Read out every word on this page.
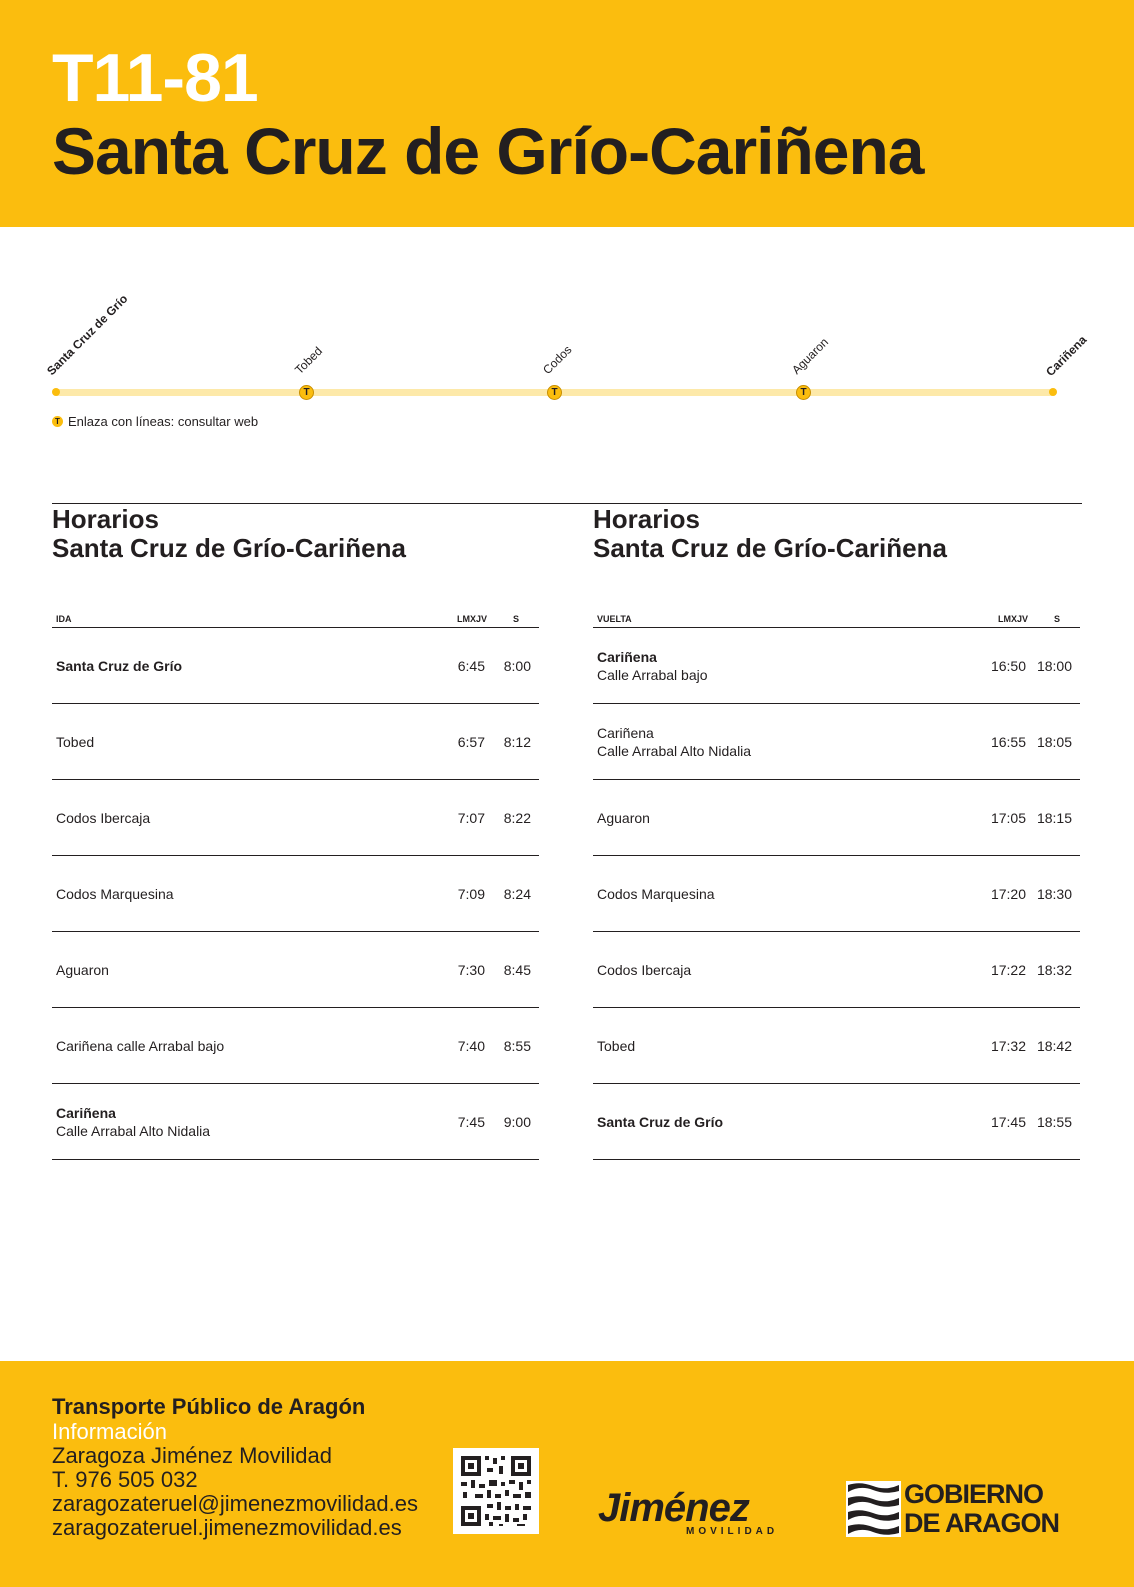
T11-81
Santa Cruz de Grío-Cariñena
Santa Cruz de Grío
T
Tobed
T
Codos
T
Aguaron	Cariñena
T Enlaza con líneas: consultar web
Horarios
Santa Cruz de Grío-Cariñena
IDA	LMXJV	S
Santa Cruz de Grío	6:45 8:00
Tobed	6:57 8:12
Codos Ibercaja	7:07 8:22
Codos Marquesina	7:09 8:24
Aguaron	7:30 8:45
Cariñena calle Arrabal bajo	7:40 8:55
Cariñena
Calle Arrabal Alto Nidalia
7:45 9:00
Horarios
Santa Cruz de Grío-Cariñena
VUELTA	LMXJV	S
Cariñena
Calle Arrabal bajo
16:50 18:00
Cariñena
Calle Arrabal Alto Nidalia
16:55 18:05
Aguaron	17:05 18:15
Codos Marquesina	17:20 18:30
Codos Ibercaja	17:22 18:32
Tobed	17:32 18:42
Santa Cruz de Grío	17:45 18:55
Transporte Público de Aragón
Información
Zaragoza Jiménez Movilidad
T. 976 505 032
zaragozateruel@jimenezmovilidad.es
zaragozateruel.jimenezmovilidad.es	Jiménez
MOVILIDAD
GOBIERNO
DE ARAGON
